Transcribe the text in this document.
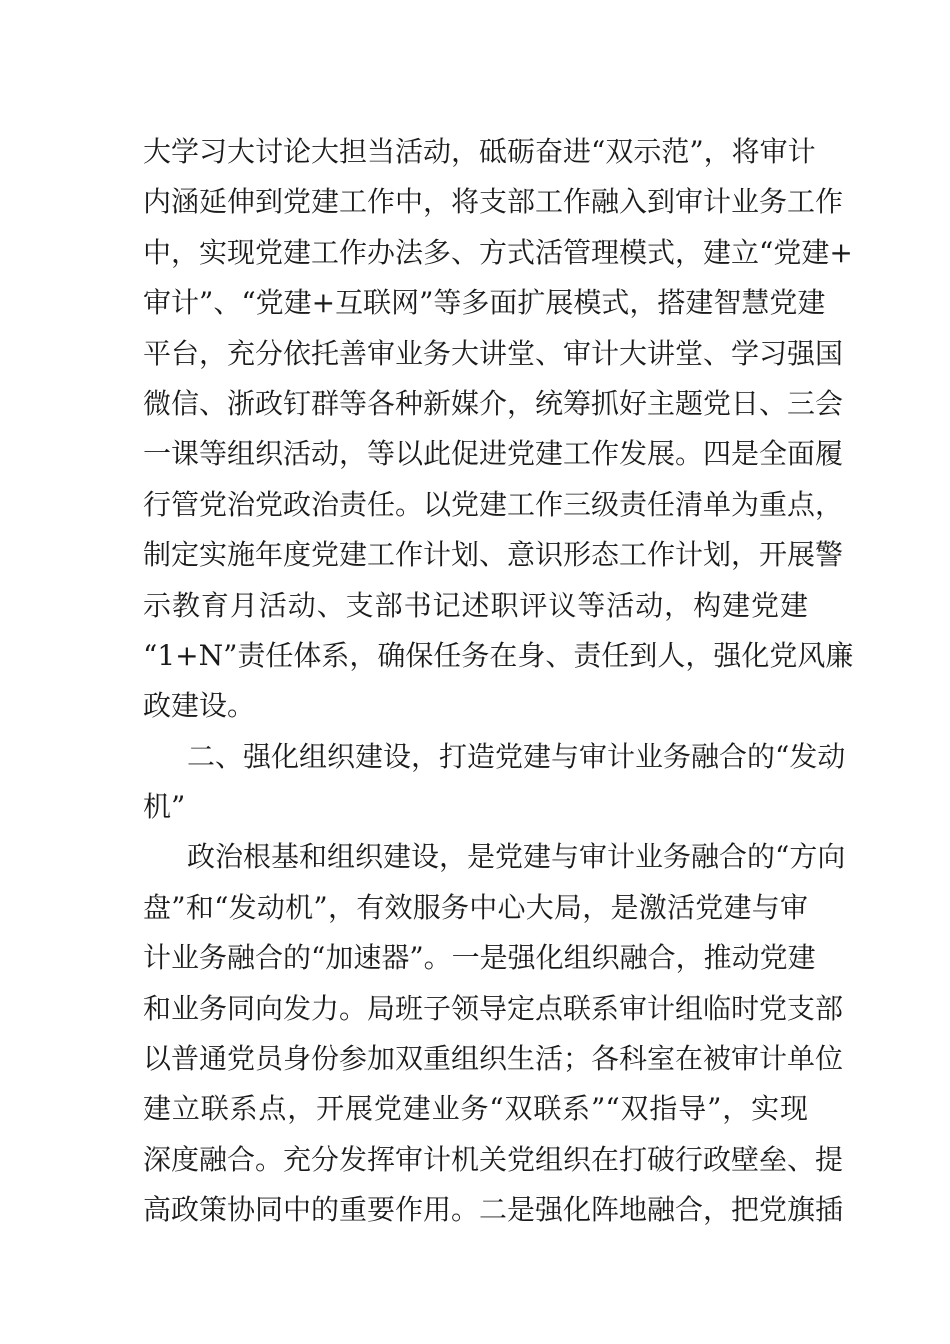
大学习大讨论大担当活动，砥砺奋进“双示范”，将审计
内涵延伸到党建工作中，将支部工作融入到审计业务工作
中，实现党建工作办法多、方式活管理模式，建立“党建+
审计”、“党建+互联网”等多面扩展模式，搭建智慧党建
平台，充分依托善审业务大讲堂、审计大讲堂、学习强国
微信、浙政钉群等各种新媒介，统筹抓好主题党日、三会
一课等组织活动，等以此促进党建工作发展。四是全面履
行管党治党政治责任。以党建工作三级责任清单为重点，
制定实施年度党建工作计划、意识形态工作计划，开展警
示教育月活动、支部书记述职评议等活动，构建党建
“1+N”责任体系，确保任务在身、责任到人，强化党风廉
政建设。
二、强化组织建设，打造党建与审计业务融合的“发动
机”
政治根基和组织建设，是党建与审计业务融合的“方向
盘”和“发动机”，有效服务中心大局，是激活党建与审
计业务融合的“加速器”。一是强化组织融合，推动党建
和业务同向发力。局班子领导定点联系审计组临时党支部
以普通党员身份参加双重组织生活；各科室在被审计单位
建立联系点，开展党建业务“双联系”“双指导”，实现
深度融合。充分发挥审计机关党组织在打破行政壁垒、提
高政策协同中的重要作用。二是强化阵地融合，把党旗插
